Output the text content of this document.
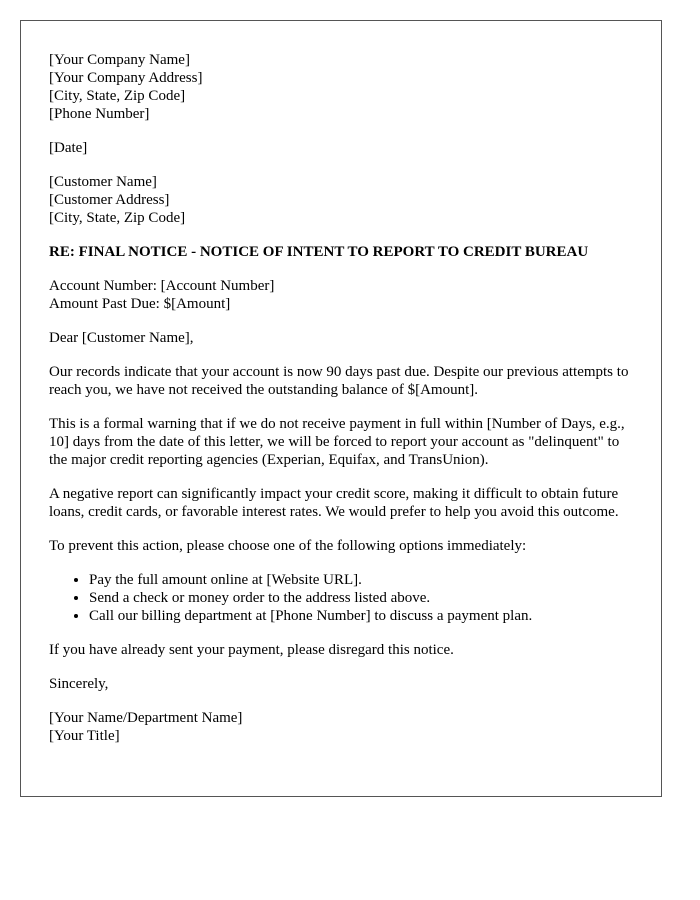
[Your Company Name]
[Your Company Address]
[City, State, Zip Code]
[Phone Number]
[Date]
[Customer Name]
[Customer Address]
[City, State, Zip Code]
RE: FINAL NOTICE - NOTICE OF INTENT TO REPORT TO CREDIT BUREAU
Account Number: [Account Number]
Amount Past Due: $[Amount]

Dear [Customer Name],

Our records indicate that your account is now 90 days past due. Despite our previous attempts to reach you, we have not received the outstanding balance of $[Amount].

This is a formal warning that if we do not receive payment in full within [Number of Days, e.g., 10] days from the date of this letter, we will be forced to report your account as "delinquent" to the major credit reporting agencies (Experian, Equifax, and TransUnion).

A negative report can significantly impact your credit score, making it difficult to obtain future loans, credit cards, or favorable interest rates. We would prefer to help you avoid this outcome.

To prevent this action, please choose one of the following options immediately:

• Pay the full amount online at [Website URL].
• Send a check or money order to the address listed above.
• Call our billing department at [Phone Number] to discuss a payment plan.

If you have already sent your payment, please disregard this notice.

Sincerely,

[Your Name/Department Name]
[Your Title]
